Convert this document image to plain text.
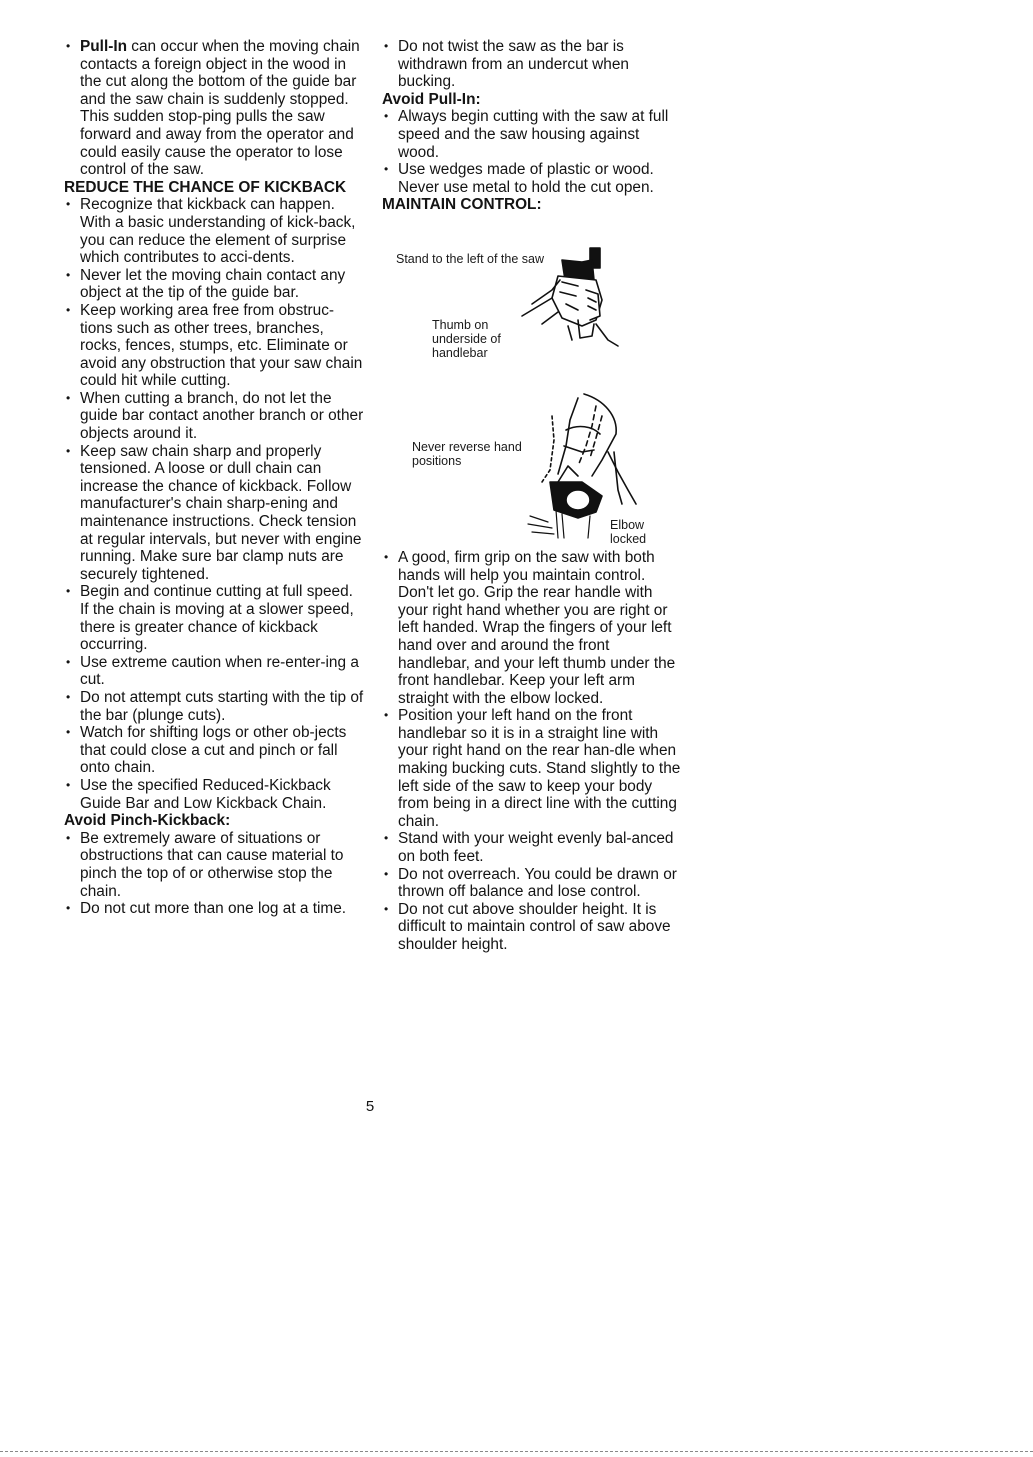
• Pull-In can occur when the moving chain contacts a foreign object in the wood in the cut along the bottom of the guide bar and the saw chain is suddenly stopped. This sudden stop-ping pulls the saw forward and away from the operator and could easily cause the operator to lose control of the saw.

REDUCE THE CHANCE OF KICKBACK

• Recognize that kickback can happen. With a basic understanding of kick-back, you can reduce the element of surprise which contributes to acci-dents.
• Never let the moving chain contact any object at the tip of the guide bar.
• Keep working area free from obstruc-tions such as other trees, branches, rocks, fences, stumps, etc. Eliminate or avoid any obstruction that your saw chain could hit while cutting.
• When cutting a branch, do not let the guide bar contact another branch or other objects around it.
• Keep saw chain sharp and properly tensioned. A loose or dull chain can increase the chance of kickback. Follow manufacturer's chain sharp-ening and maintenance instructions. Check tension at regular intervals, but never with engine running. Make sure bar clamp nuts are securely tightened.
• Begin and continue cutting at full speed. If the chain is moving at a slower speed, there is greater chance of kickback occurring.
• Use extreme caution when re-enter-ing a cut.
• Do not attempt cuts starting with the tip of the bar (plunge cuts).
• Watch for shifting logs or other ob-jects that could close a cut and pinch or fall onto chain.
• Use the specified Reduced-Kickback Guide Bar and Low Kickback Chain.

Avoid Pinch-Kickback:

• Be extremely aware of situations or obstructions that can cause material to pinch the top of or otherwise stop the chain.
• Do not cut more than one log at a time.
• Do not twist the saw as the bar is withdrawn from an undercut when bucking.

Avoid Pull-In:

• Always begin cutting with the saw at full speed and the saw housing against wood.
• Use wedges made of plastic or wood. Never use metal to hold the cut open.

MAINTAIN CONTROL:

Stand to the left of the saw
Thumb on underside of handlebar
Never reverse hand positions
Elbow locked
• A good, firm grip on the saw with both hands will help you maintain control. Don't let go. Grip the rear handle with your right hand whether you are right or left handed. Wrap the fingers of your left hand over and around the front handlebar, and your left thumb under the front handlebar. Keep your left arm straight with the elbow locked.
• Position your left hand on the front handlebar so it is in a straight line with your right hand on the rear han-dle when making bucking cuts. Stand slightly to the left side of the saw to keep your body from being in a direct line with the cutting chain.
• Stand with your weight evenly bal-anced on both feet.
• Do not overreach. You could be drawn or thrown off balance and lose control.
• Do not cut above shoulder height. It is difficult to maintain control of saw above shoulder height.
5
